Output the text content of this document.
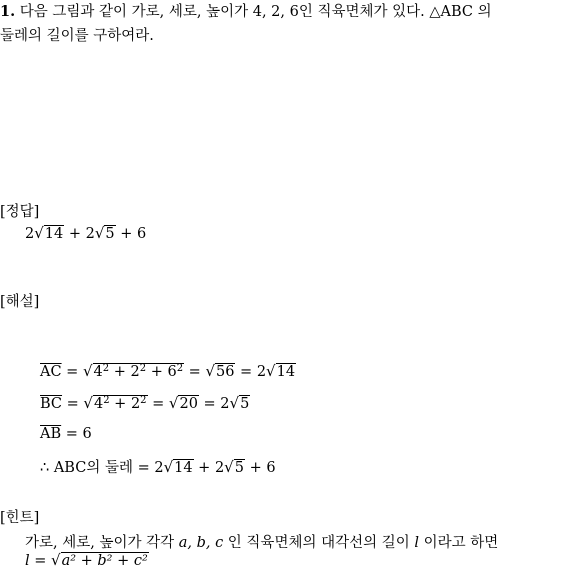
1. 다음 그림과 같이 가로, 세로, 높이가 4, 2, 6인 직육면체가 있다. △ABC 의
둘레의 길이를 구하여라.
[정답]
2√14 + 2√5 + 6
[해설]
$\overline{AC} = √4^2 + 2^2 + 6^2 = √56 = 2√14$
$\overline{BC} = √4^2 + 2^2 = √20 = 2√5$
$\overline{AB} = 6$
∴ ABC의 둘레 = 2√14 + 2√5 + 6
[힌트]
가로, 세로, 높이가 각각 a, b, c 인 직육면체의 대각선의 길이 l 이라고 하면
l = √a² + b² + c²
